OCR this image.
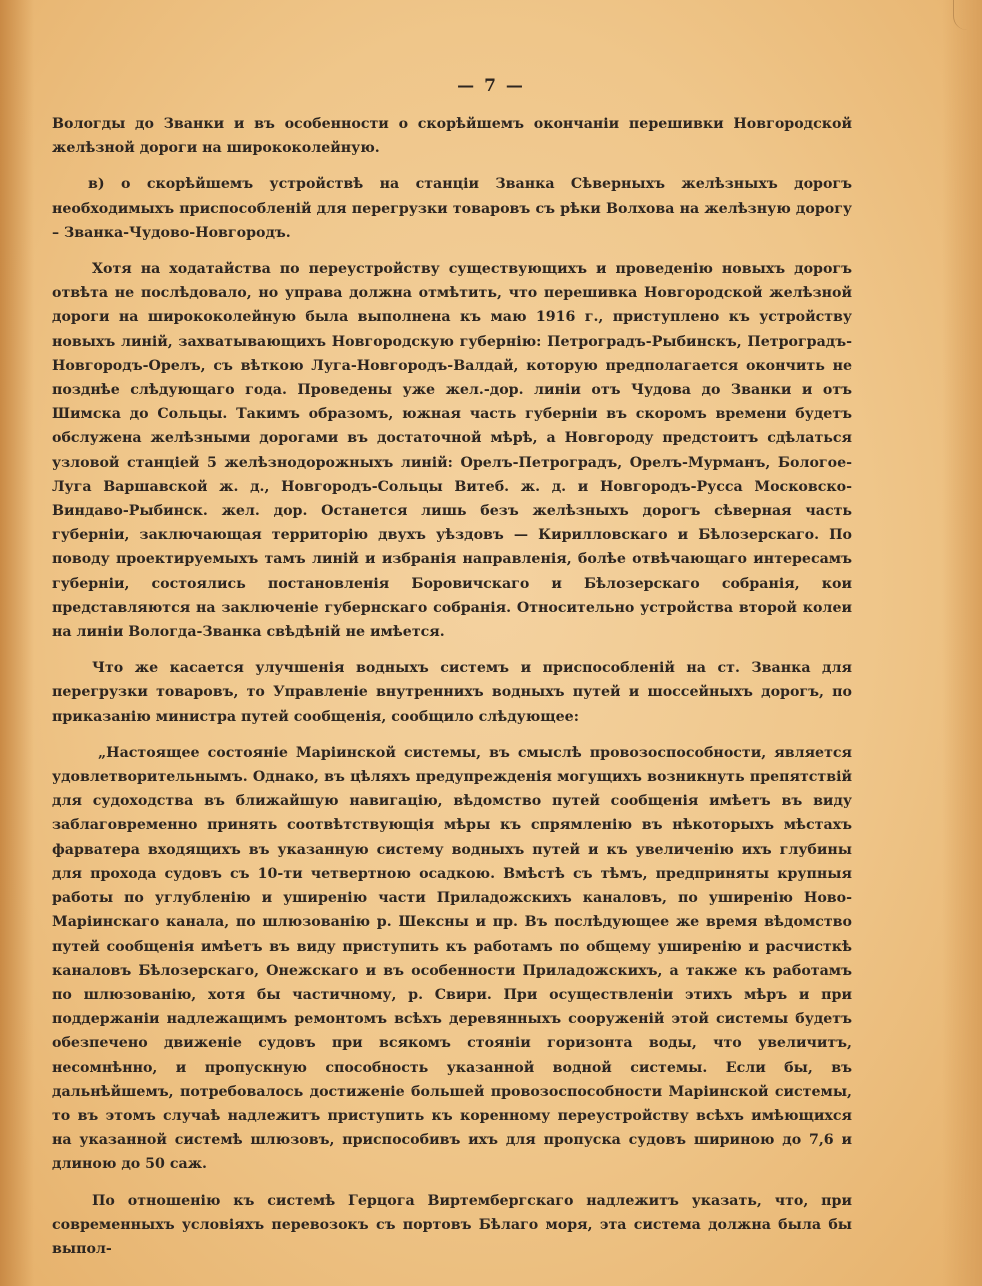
— 7 —

Вологды до Званки и въ особенности о скорѣйшемъ окончанiи перешивки Новгородской желѣзной дороги на ширококолейную.

в) о скорѣйшемъ устройствѣ на станцiи Званка Сѣверныхъ желѣзныхъ дорогъ необходимыхъ приспособленiй для перегрузки товаровъ съ рѣки Волхова на желѣзную дорогу – Званка-Чудово-Новгородъ.

Хотя на ходатайства по переустройству существующихъ и проведенiю новыхъ дорогъ отвѣта не послѣдовало, но управа должна отмѣтить, что перешивка Новгородской желѣзной дороги на ширококолейную была выполнена къ маю 1916 г., приступлено къ устройству новыхъ линiй, захватывающихъ Новгородскую губернiю: Петроградъ-Рыбинскъ, Петроградъ-Новгородъ-Орелъ, съ вѣткою Луга-Новгородъ-Валдай, которую предполагается окончить не позднѣе слѣдующаго года. Проведены уже жел.-дор. линiи отъ Чудова до Званки и отъ Шимска до Сольцы. Такимъ образомъ, южная часть губернiи въ скоромъ времени будетъ обслужена желѣзными дорогами въ достаточной мѣрѣ, а Новгороду предстоитъ сдѣлаться узловой станцiей 5 желѣзнодорожныхъ линiй: Орелъ-Петроградъ, Орелъ-Мурманъ, Бологое-Луга Варшавской ж. д., Новгородъ-Сольцы Витеб. ж. д. и Новгородъ-Русса Московско-Виндаво-Рыбинск. жел. дор. Останется лишь безъ желѣзныхъ дорогъ сѣверная часть губернiи, заключающая территорiю двухъ уѣздовъ — Кирилловскаго и Бѣлозерскаго. По поводу проектируемыхъ тамъ линiй и избранiя направленiя, болѣе отвѣчающаго интересамъ губернiи, состоялись постановленiя Боровичскаго и Бѣлозерскаго собранiя, кои представляются на заключенiе губернскаго собранiя. Относительно устройства второй колеи на линiи Вологда-Званка свѣдѣнiй не имѣется.

Что же касается улучшенiя водныхъ системъ и приспособленiй на ст. Званка для перегрузки товаровъ, то Управленiе внутреннихъ водныхъ путей и шоссейныхъ дорогъ, по приказанiю министра путей сообщенiя, сообщило слѣдующее:

„Настоящее состоянiе Марiинской системы, въ смыслѣ провозоспособности, является удовлетворительнымъ. Однако, въ цѣляхъ предупрежденiя могущихъ возникнуть препятствiй для судоходства въ ближайшую навигацiю, вѣдомство путей сообщенiя имѣетъ въ виду заблаговременно принять соотвѣтствующiя мѣры къ спрямленiю въ нѣкоторыхъ мѣстахъ фарватера входящихъ въ указанную систему водныхъ путей и къ увеличенiю ихъ глубины для прохода судовъ съ 10-ти четвертною осадкою. Вмѣстѣ съ тѣмъ, предприняты крупныя работы по углубленiю и уширенiю части Приладожскихъ каналовъ, по уширенiю Ново-Марiинскаго канала, по шлюзованiю р. Шексны и пр. Въ послѣдующее же время вѣдомство путей сообщенiя имѣетъ въ виду приступить къ работамъ по общему уширенiю и расчисткѣ каналовъ Бѣлозерскаго, Онежскаго и въ особенности Приладожскихъ, а также къ работамъ по шлюзованiю, хотя бы частичному, р. Свири. При осуществленiи этихъ мѣръ и при поддержанiи надлежащимъ ремонтомъ всѣхъ деревянныхъ сооруженiй этой системы будетъ обезпечено движенiе судовъ при всякомъ стоянiи горизонта воды, что увеличитъ, несомнѣнно, и пропускную способность указанной водной системы. Если бы, въ дальнѣйшемъ, потребовалось достиженiе большей провозоспособности Марiинской системы, то въ этомъ случаѣ надлежитъ приступить къ коренному переустройству всѣхъ имѣющихся на указанной системѣ шлюзовъ, приспособивъ ихъ для пропуска судовъ шириною до 7,6 и длиною до 50 саж.

По отношенiю къ системѣ Герцога Виртембергскаго надлежитъ указать, что, при современныхъ условiяхъ перевозокъ съ портовъ Бѣлаго моря, эта система должна была бы выпол-
